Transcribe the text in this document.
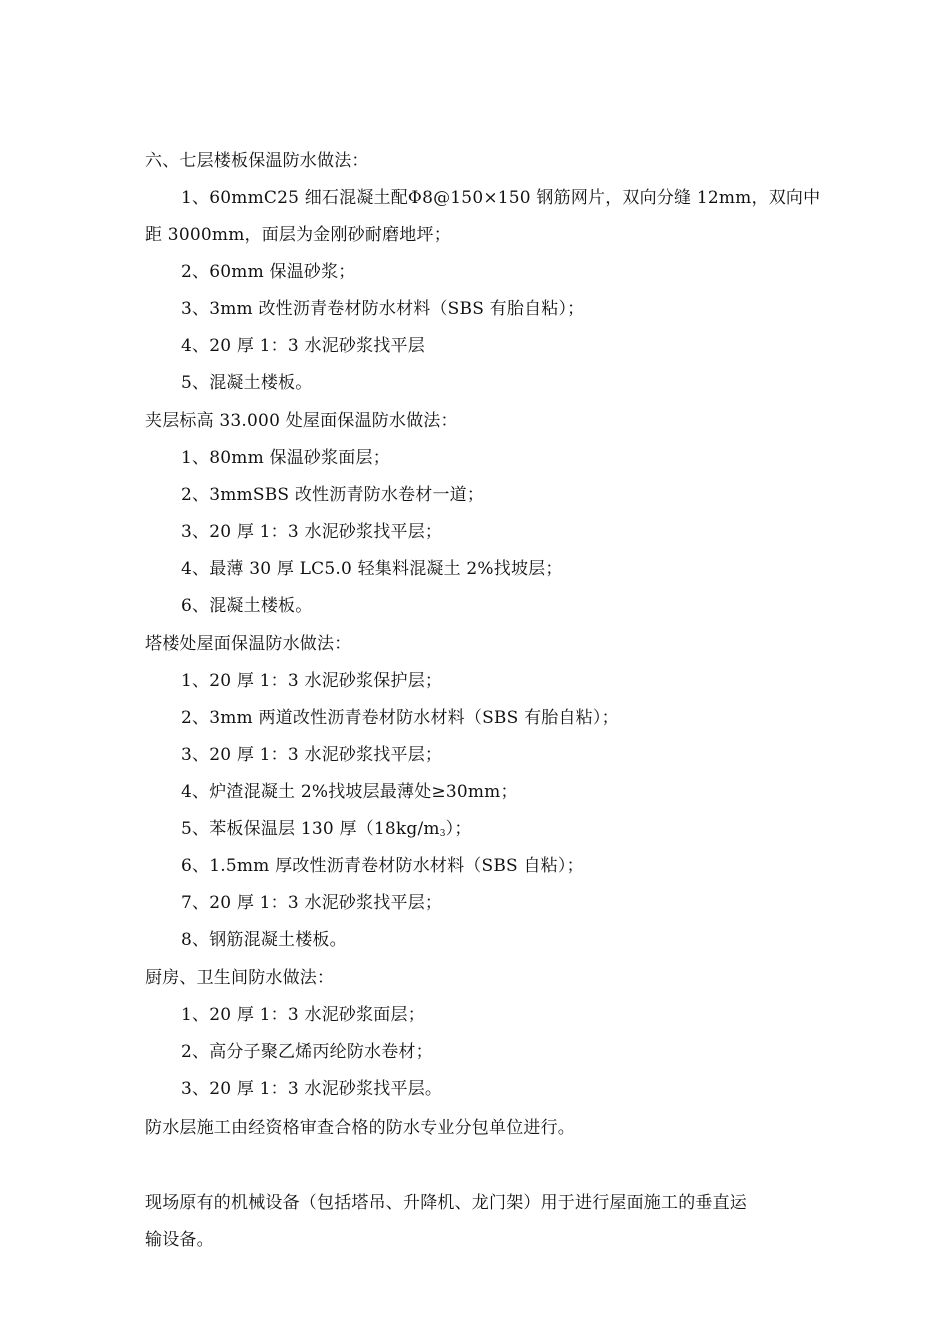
六、七层楼板保温防水做法：
1、60mmC25 细石混凝土配Φ8@150×150 钢筋网片，双向分缝 12mm，双向中
距 3000mm，面层为金刚砂耐磨地坪；
2、60mm 保温砂浆；
3、3mm 改性沥青卷材防水材料（SBS 有胎自粘）；
4、20 厚 1：3 水泥砂浆找平层
5、混凝土楼板。
夹层标高 33.000 处屋面保温防水做法：
1、80mm 保温砂浆面层；
2、3mmSBS 改性沥青防水卷材一道；
3、20 厚 1：3 水泥砂浆找平层；
4、最薄 30 厚 LC5.0 轻集料混凝土 2%找坡层；
6、混凝土楼板。
塔楼处屋面保温防水做法：
1、20 厚 1：3 水泥砂浆保护层；
2、3mm 两道改性沥青卷材防水材料（SBS 有胎自粘）；
3、20 厚 1：3 水泥砂浆找平层；
4、炉渣混凝土 2%找坡层最薄处≥30mm；
5、苯板保温层 130 厚$(18kg/m_3)$；
6、1.5mm 厚改性沥青卷材防水材料（SBS 自粘）；
7、20 厚 1：3 水泥砂浆找平层；
8、钢筋混凝土楼板。
厨房、卫生间防水做法：
1、20 厚 1：3 水泥砂浆面层；
2、高分子聚乙烯丙纶防水卷材；
3、20 厚 1：3 水泥砂浆找平层。
防水层施工由经资格审查合格的防水专业分包单位进行。
现场原有的机械设备（包括塔吊、升降机、龙门架）用于进行屋面施工的垂直运
输设备。
